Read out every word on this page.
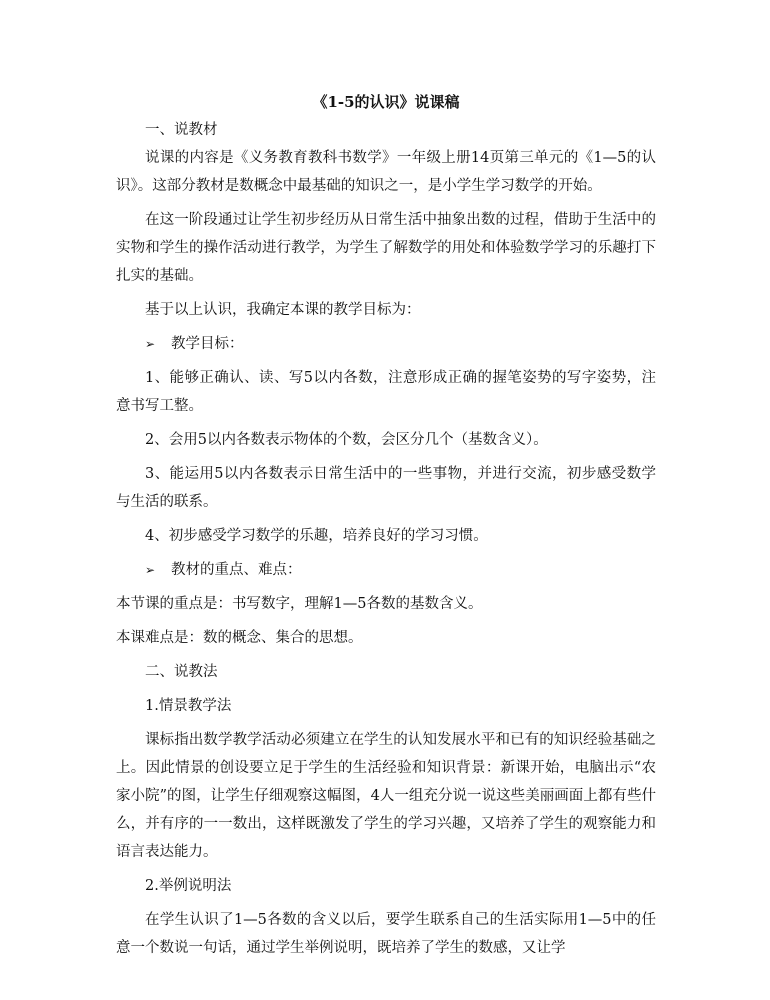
《1-5的认识》说课稿

一、说教材

说课的内容是《义务教育教科书数学》一年级上册14页第三单元的《1—5的认识》。这部分教材是数概念中最基础的知识之一，是小学生学习数学的开始。

在这一阶段通过让学生初步经历从日常生活中抽象出数的过程，借助于生活中的实物和学生的操作活动进行教学，为学生了解数学的用处和体验数学学习的乐趣打下扎实的基础。

基于以上认识，我确定本课的教学目标为：

➢ 教学目标：

1、能够正确认、读、写5以内各数，注意形成正确的握笔姿势的写字姿势，注意书写工整。

2、会用5以内各数表示物体的个数，会区分几个（基数含义）。

3、能运用5以内各数表示日常生活中的一些事物，并进行交流，初步感受数学与生活的联系。

4、初步感受学习数学的乐趣，培养良好的学习习惯。

➢ 教材的重点、难点：

本节课的重点是：书写数字，理解1—5各数的基数含义。

本课难点是：数的概念、集合的思想。

二、说教法

1.情景教学法

课标指出数学教学活动必须建立在学生的认知发展水平和已有的知识经验基础之上。因此情景的创设要立足于学生的生活经验和知识背景：新课开始，电脑出示“农家小院”的图，让学生仔细观察这幅图，4人一组充分说一说这些美丽画面上都有些什么，并有序的一一数出，这样既激发了学生的学习兴趣，又培养了学生的观察能力和语言表达能力。

2.举例说明法

在学生认识了1—5各数的含义以后，要学生联系自己的生活实际用1—5中的任意一个数说一句话，通过学生举例说明，既培养了学生的数感，又让学
